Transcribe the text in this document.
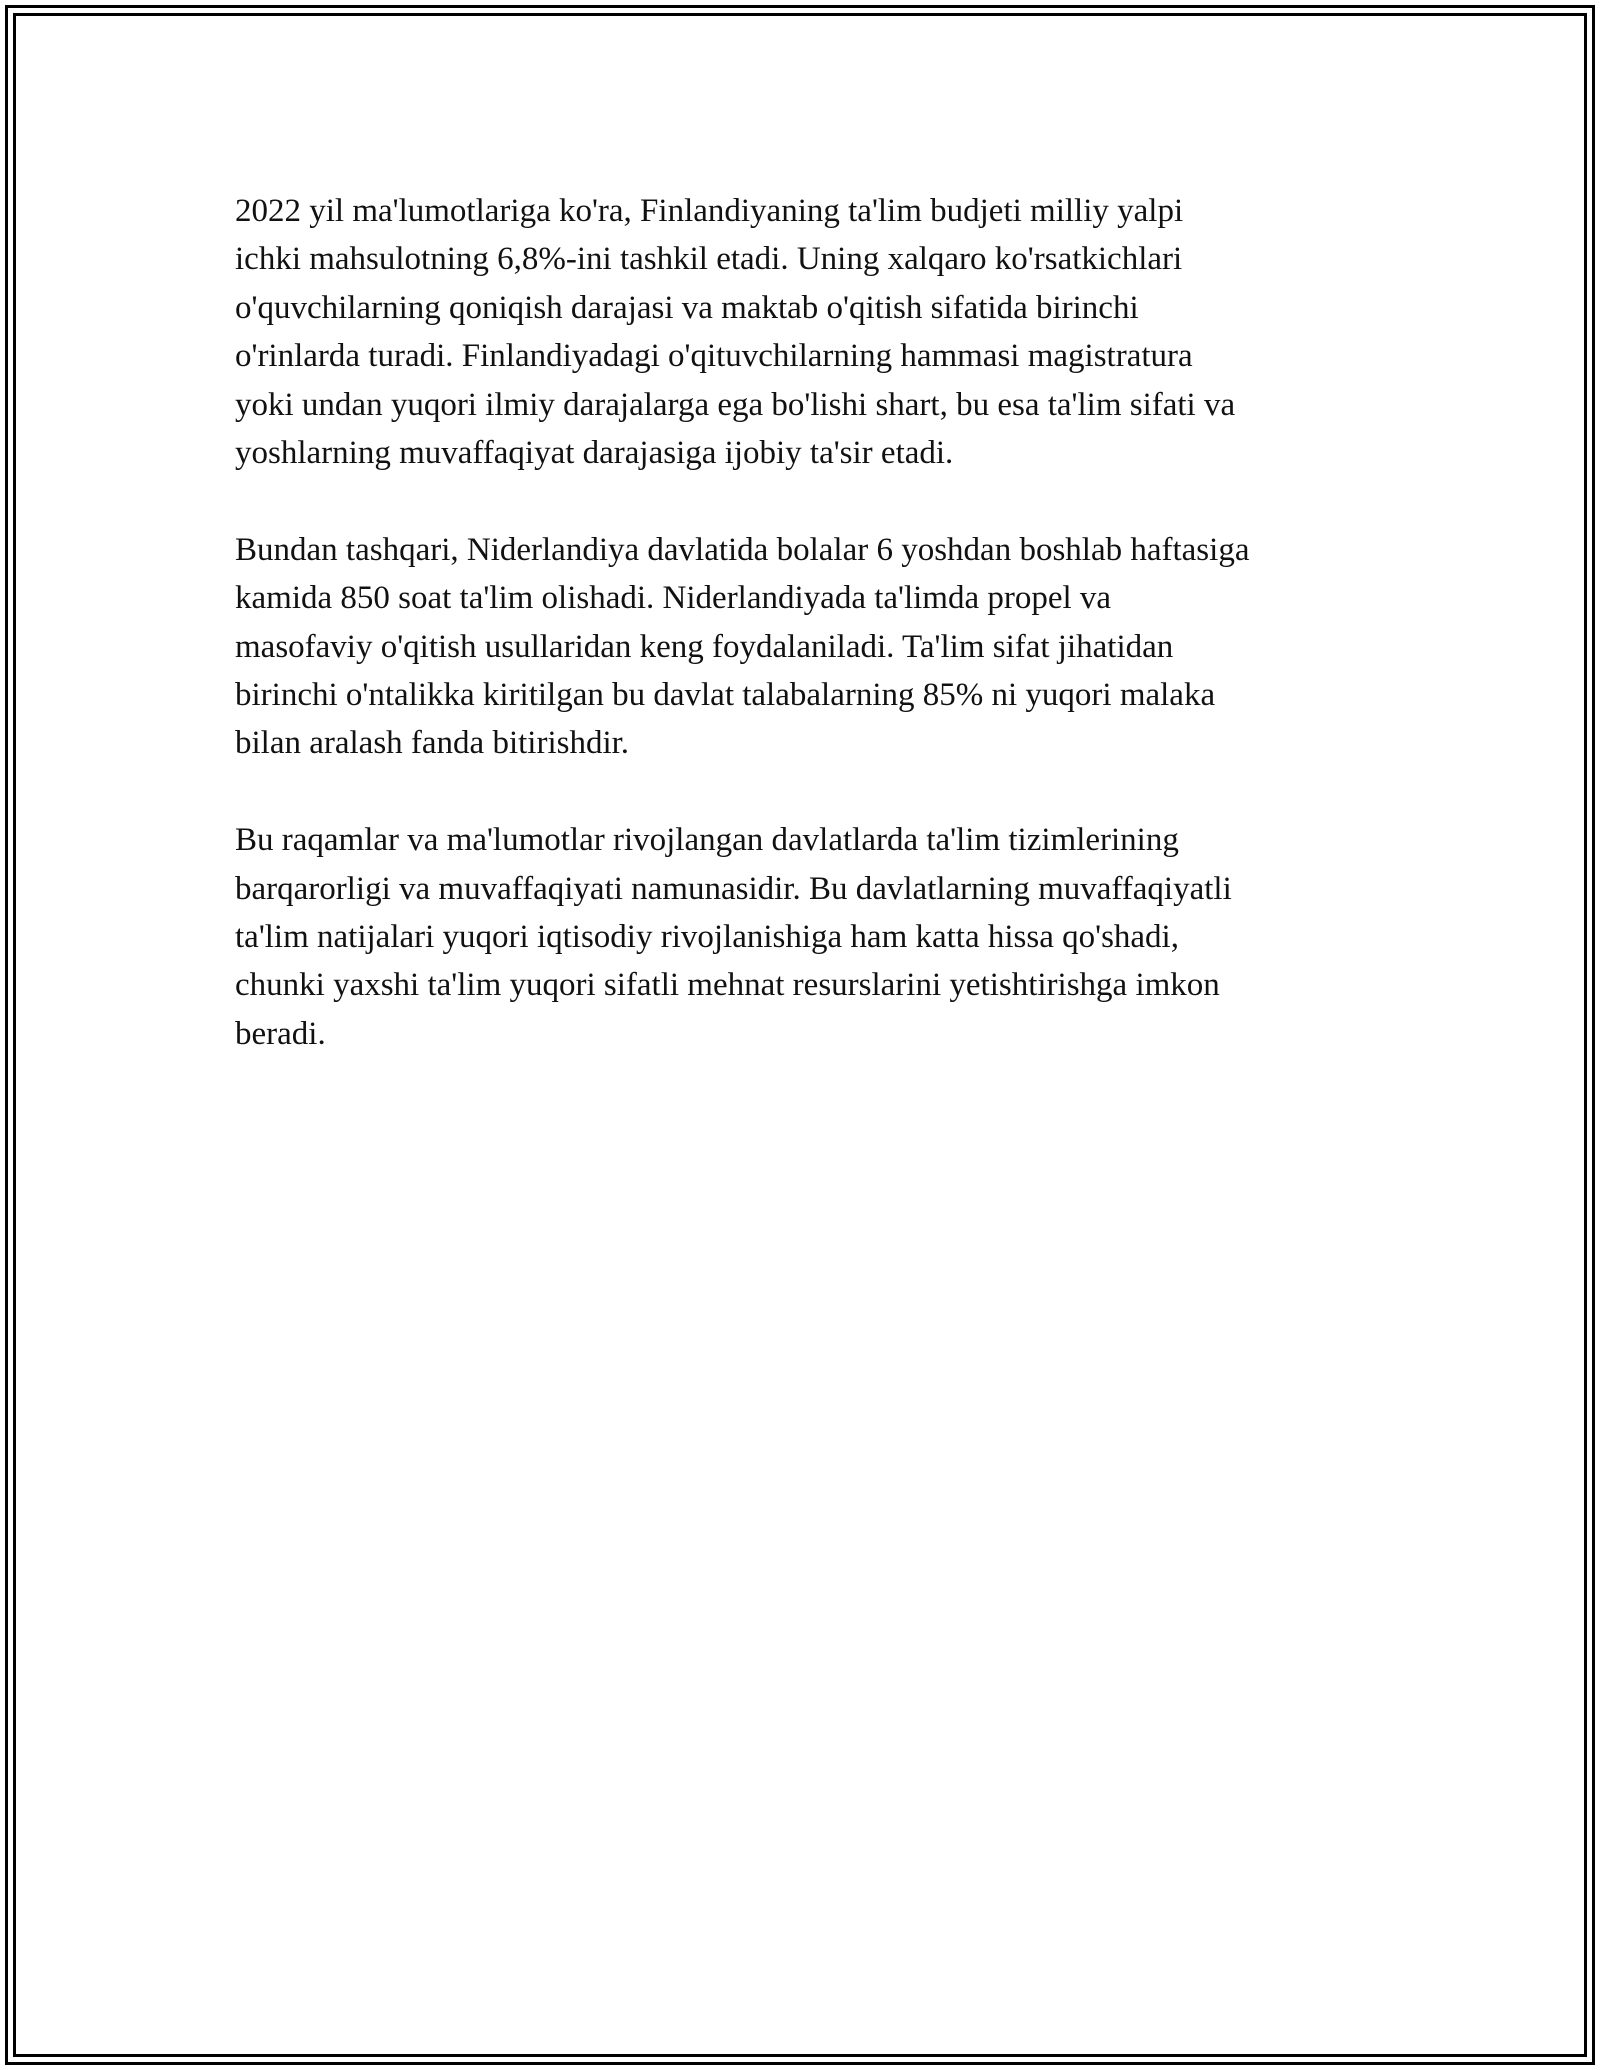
2022 yil ma'lumotlariga ko'ra, Finlandiyaning ta'lim budjeti milliy yalpi
ichki mahsulotning 6,8%-ini tashkil etadi. Uning xalqaro ko'rsatkichlari
o'quvchilarning qoniqish darajasi va maktab o'qitish sifatida birinchi
o'rinlarda turadi. Finlandiyadagi o'qituvchilarning hammasi magistratura
yoki undan yuqori ilmiy darajalarga ega bo'lishi shart, bu esa ta'lim sifati va
yoshlarning muvaffaqiyat darajasiga ijobiy ta'sir etadi.

Bundan tashqari, Niderlandiya davlatida bolalar 6 yoshdan boshlab haftasiga
kamida 850 soat ta'lim olishadi. Niderlandiyada ta'limda propel va
masofaviy o'qitish usullaridan keng foydalaniladi. Ta'lim sifat jihatidan
birinchi o'ntalikka kiritilgan bu davlat talabalarning 85% ni yuqori malaka
bilan aralash fanda bitirishdir.

Bu raqamlar va ma'lumotlar rivojlangan davlatlarda ta'lim tizimlerining
barqarorligi va muvaffaqiyati namunasidir. Bu davlatlarning muvaffaqiyatli
ta'lim natijalari yuqori iqtisodiy rivojlanishiga ham katta hissa qo'shadi,
chunki yaxshi ta'lim yuqori sifatli mehnat resurslarini yetishtirishga imkon
beradi.
